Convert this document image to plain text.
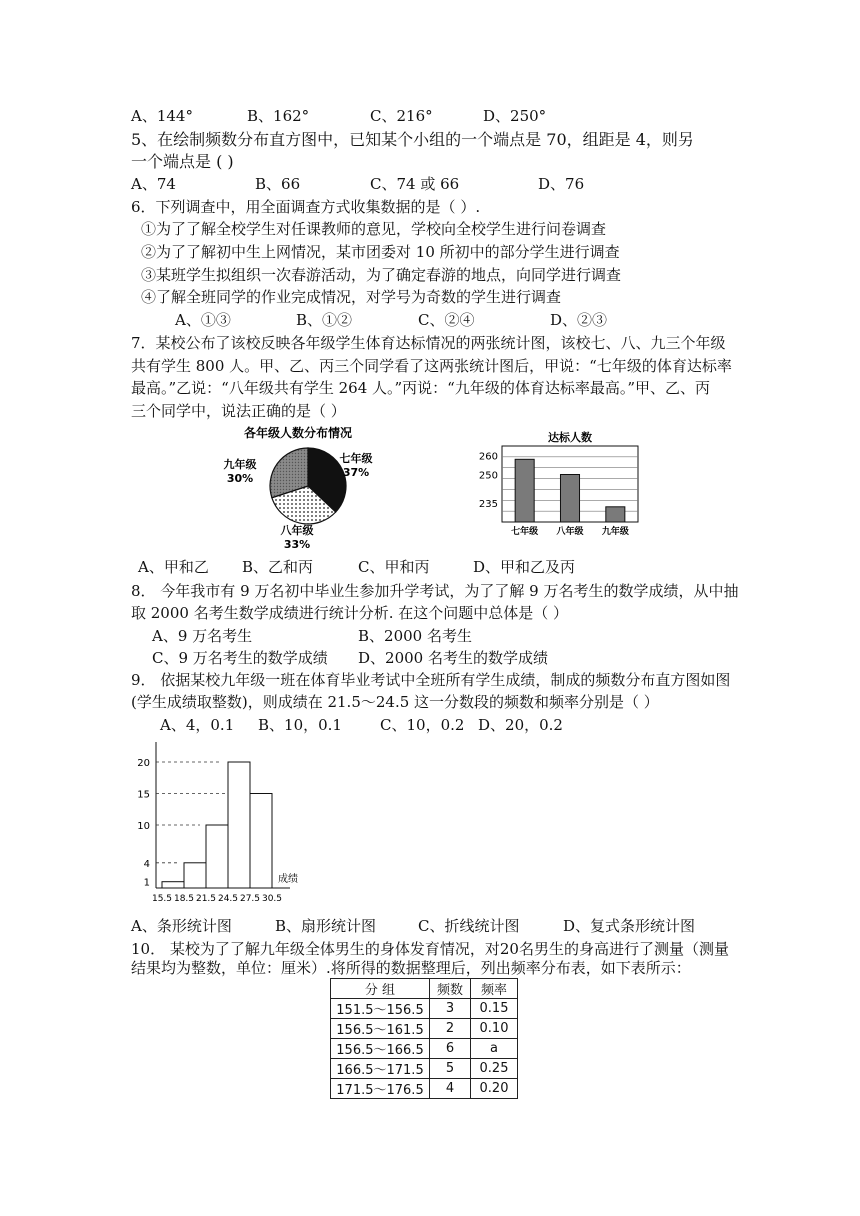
A、144°	B、162°	C、216°	D、250°
5、在绘制频数分布直方图中，已知某个小组的一个端点是 70，组距是 4，则另
一个端点是 ( )
A、74	B、66	C、74 或 66	D、76
6．下列调查中，用全面调查方式收集数据的是（ ）.
①为了了解全校学生对任课教师的意见，学校向全校学生进行问卷调查
②为了了解初中生上网情况，某市团委对 10 所初中的部分学生进行调查
③某班学生拟组织一次春游活动，为了确定春游的地点，向同学进行调查
④了解全班同学的作业完成情况，对学号为奇数的学生进行调查
A、①③	B、①②	C、②④	D、②③
7．某校公布了该校反映各年级学生体育达标情况的两张统计图，该校七、八、九三个年级
共有学生 800 人。甲、乙、丙三个同学看了这两张统计图后，甲说：“七年级的体育达标率
最高。”乙说：“八年级共有学生 264 人。”丙说：“九年级的体育达标率最高。”甲、乙、丙
三个同学中，说法正确的是（ ）
各年级人数分布情况
九年级
30%
七年级
37%
八年级
33%
达标人数
235
250
260
七年级 八年级 九年级
A、甲和乙 B、乙和丙	C、甲和丙	D、甲和乙及丙
8． 今年我市有 9 万名初中毕业生参加升学考试，为了了解 9 万名考生的数学成绩，从中抽
取 2000 名考生数学成绩进行统计分析. 在这个问题中总体是（ ）
A、9 万名考生	B、2000 名考生
C、9 万名考生的数学成绩 D、2000 名考生的数学成绩
9． 依据某校九年级一班在体育毕业考试中全班所有学生成绩，制成的频数分布直方图如图
(学生成绩取整数)，则成绩在 21.5～24.5 这一分数段的频数和频率分别是（ ）
A、4，0.1 B、10，0.1	C、10，0.2 D、20，0.2
1
4
10
15
20
15.5 18.5 21.5 24.5 27.5 30.5
成绩
A、条形统计图	B、扇形统计图	C、折线统计图	D、复式条形统计图
10． 某校为了了解九年级全体男生的身体发育情况，对20名男生的身高进行了测量（测量
结果均为整数，单位：厘米）.将所得的数据整理后，列出频率分布表，如下表所示：
分 组	频数	频率
151.5～156.5	3	0.15
156.5～161.5	2	0.10
156.5～166.5	6	a
166.5～171.5	5	0.25
171.5～176.5	4	0.20
